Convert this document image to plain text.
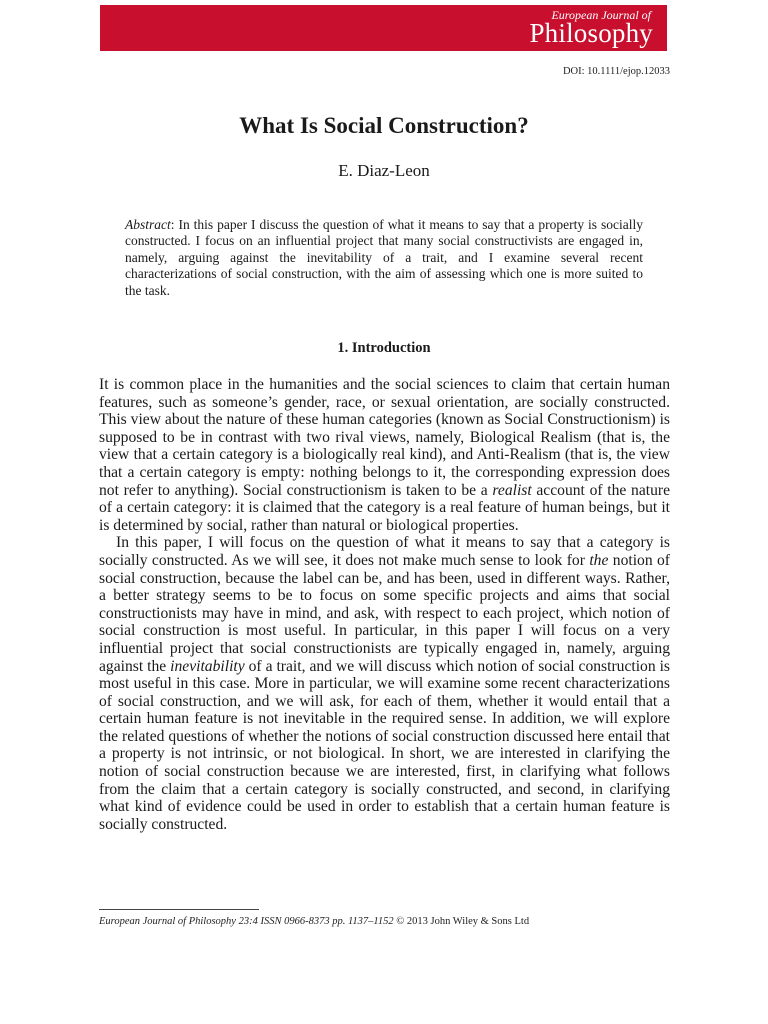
European Journal of
Philosophy
DOI: 10.1111/ejop.12033
What Is Social Construction?
E. Diaz-Leon

Abstract: In this paper I discuss the question of what it means to say that a property is socially constructed. I focus on an influential project that many social constructivists are engaged in, namely, arguing against the inevitability of a trait, and I examine several recent characterizations of social construction, with the aim of assessing which one is more suited to the task.

1. Introduction

It is common place in the humanities and the social sciences to claim that certain human features, such as someone’s gender, race, or sexual orientation, are socially constructed. This view about the nature of these human categories (known as Social Constructionism) is supposed to be in contrast with two rival views, namely, Biological Realism (that is, the view that a certain category is a biologically real kind), and Anti-Realism (that is, the view that a certain category is empty: nothing belongs to it, the corresponding expression does not refer to anything). Social constructionism is taken to be a realist account of the nature of a certain category: it is claimed that the category is a real feature of human beings, but it is determined by social, rather than natural or biological properties.

In this paper, I will focus on the question of what it means to say that a category is socially constructed. As we will see, it does not make much sense to look for the notion of social construction, because the label can be, and has been, used in different ways. Rather, a better strategy seems to be to focus on some specific projects and aims that social constructionists may have in mind, and ask, with respect to each project, which notion of social construction is most useful. In particular, in this paper I will focus on a very influential project that social constructionists are typically engaged in, namely, arguing against the inevitability of a trait, and we will discuss which notion of social construction is most useful in this case. More in particular, we will examine some recent characterizations of social construction, and we will ask, for each of them, whether it would entail that a certain human feature is not inevitable in the required sense. In addition, we will explore the related questions of whether the notions of social construction discussed here entail that a property is not intrinsic, or not biological. In short, we are interested in clarifying the notion of social construction because we are interested, first, in clarifying what follows from the claim that a certain category is socially constructed, and second, in clarifying what kind of evidence could be used in order to establish that a certain human feature is socially constructed.

European Journal of Philosophy 23:4 ISSN 0966-8373 pp. 1137–1152 © 2013 John Wiley & Sons Ltd
